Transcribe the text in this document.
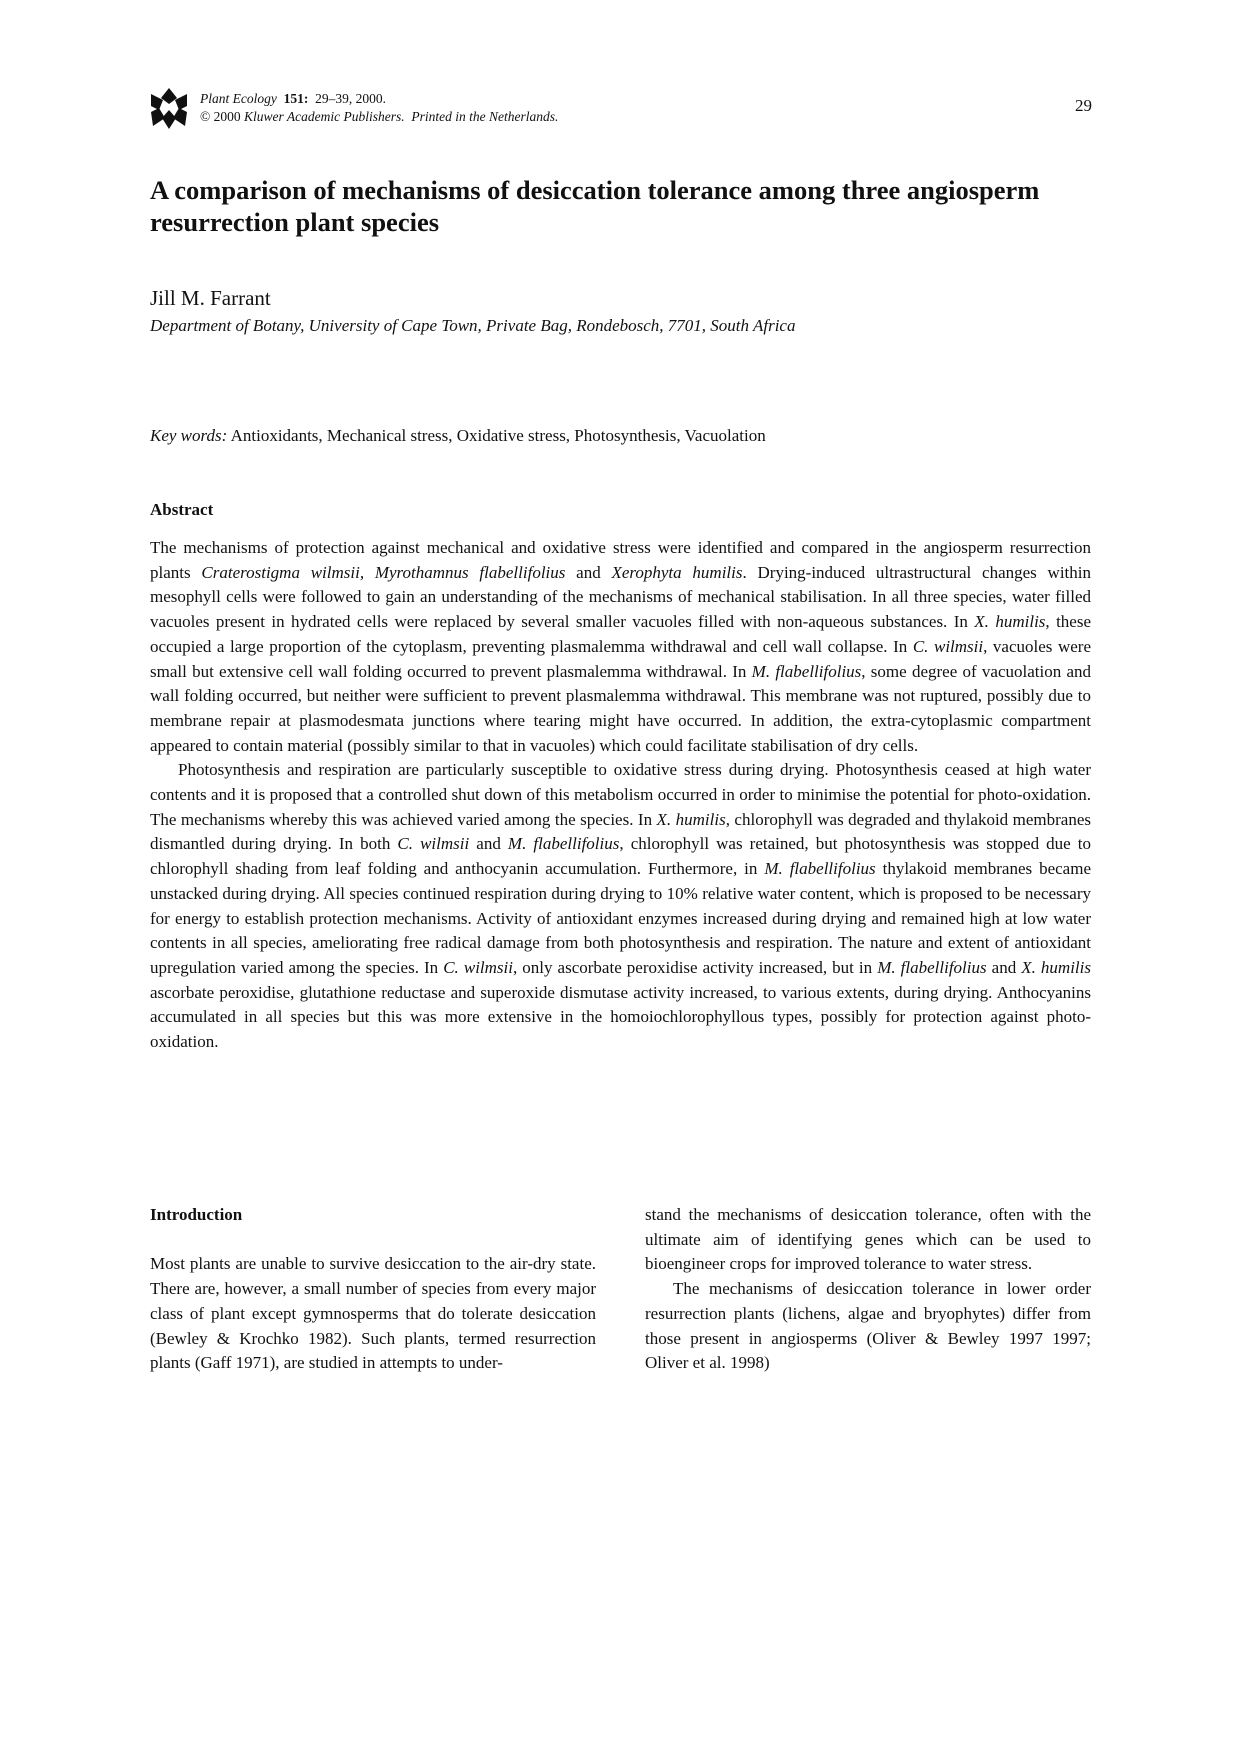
Plant Ecology 151: 29–39, 2000.
© 2000 Kluwer Academic Publishers. Printed in the Netherlands.
29
A comparison of mechanisms of desiccation tolerance among three angiosperm resurrection plant species
Jill M. Farrant
Department of Botany, University of Cape Town, Private Bag, Rondebosch, 7701, South Africa
Key words: Antioxidants, Mechanical stress, Oxidative stress, Photosynthesis, Vacuolation
Abstract

The mechanisms of protection against mechanical and oxidative stress were identified and compared in the angiosperm resurrection plants Craterostigma wilmsii, Myrothamnus flabellifolius and Xerophyta humilis. Drying-induced ultrastructural changes within mesophyll cells were followed to gain an understanding of the mechanisms of mechanical stabilisation. In all three species, water filled vacuoles present in hydrated cells were replaced by several smaller vacuoles filled with non-aqueous substances. In X. humilis, these occupied a large proportion of the cytoplasm, preventing plasmalemma withdrawal and cell wall collapse. In C. wilmsii, vacuoles were small but extensive cell wall folding occurred to prevent plasmalemma withdrawal. In M. flabellifolius, some degree of vacuolation and wall folding occurred, but neither were sufficient to prevent plasmalemma withdrawal. This membrane was not ruptured, possibly due to membrane repair at plasmodesmata junctions where tearing might have occurred. In addition, the extra-cytoplasmic compartment appeared to contain material (possibly similar to that in vacuoles) which could facilitate stabilisation of dry cells.

Photosynthesis and respiration are particularly susceptible to oxidative stress during drying. Photosynthesis ceased at high water contents and it is proposed that a controlled shut down of this metabolism occurred in order to minimise the potential for photo-oxidation. The mechanisms whereby this was achieved varied among the species. In X. humilis, chlorophyll was degraded and thylakoid membranes dismantled during drying. In both C. wilmsii and M. flabellifolius, chlorophyll was retained, but photosynthesis was stopped due to chlorophyll shading from leaf folding and anthocyanin accumulation. Furthermore, in M. flabellifolius thylakoid membranes became unstacked during drying. All species continued respiration during drying to 10% relative water content, which is proposed to be necessary for energy to establish protection mechanisms. Activity of antioxidant enzymes increased during drying and remained high at low water contents in all species, ameliorating free radical damage from both photosynthesis and respiration. The nature and extent of antioxidant upregulation varied among the species. In C. wilmsii, only ascorbate peroxidise activity increased, but in M. flabellifolius and X. humilis ascorbate peroxidise, glutathione reductase and superoxide dismutase activity increased, to various extents, during drying. Anthocyanins accumulated in all species but this was more extensive in the homoiochlorophyllous types, possibly for protection against photo-oxidation.

Introduction

Most plants are unable to survive desiccation to the air-dry state. There are, however, a small number of species from every major class of plant except gymnosperms that do tolerate desiccation (Bewley & Krochko 1982). Such plants, termed resurrection plants (Gaff 1971), are studied in attempts to under-

stand the mechanisms of desiccation tolerance, often with the ultimate aim of identifying genes which can be used to bioengineer crops for improved tolerance to water stress.

The mechanisms of desiccation tolerance in lower order resurrection plants (lichens, algae and bryophytes) differ from those present in angiosperms (Oliver & Bewley 1997 1997; Oliver et al. 1998)
